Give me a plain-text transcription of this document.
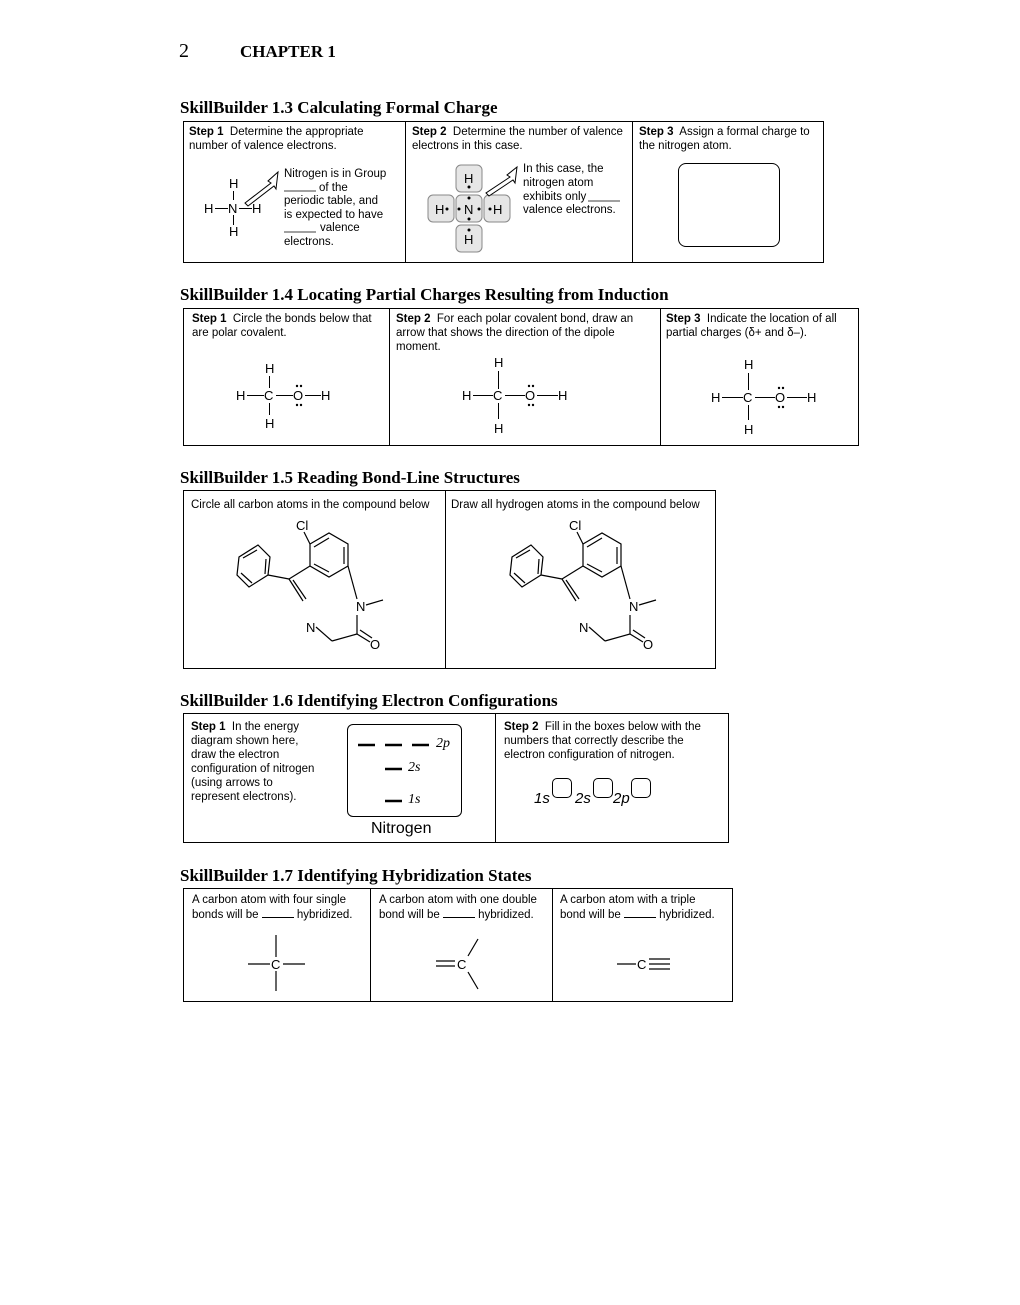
2	CHAPTER 1
SkillBuilder 1.3 Calculating Formal Charge
Step 1 Determine the appropriate number of valence electrons.
H
H N H
H
Nitrogen is in Group
of the
periodic table, and
is expected to have
valence
electrons.
Step 2 Determine the number of valence electrons in this case.
H
H N H
H
In this case, the
nitrogen atom
exhibits only
valence electrons.
Step 3 Assign a formal charge to the nitrogen atom.
SkillBuilder 1.4 Locating Partial Charges Resulting from Induction
Step 1 Circle the bonds below that are polar covalent.
H
H C O H
H
Step 2 For each polar covalent bond, draw an arrow that shows the direction of the dipole moment.
H
H C O H
H
Step 3 Indicate the location of all partial charges (δ+ and δ–).
H
H C O H
H
SkillBuilder 1.5 Reading Bond-Line Structures
Circle all carbon atoms in the compound below
Cl
N
N
O
Draw all hydrogen atoms in the compound below
Cl
N
N
O
SkillBuilder 1.6 Identifying Electron Configurations
Step 1 In the energy diagram shown here, draw the electron configuration of nitrogen (using arrows to represent electrons).
2p
2s
1s
Nitrogen
Step 2 Fill in the boxes below with the numbers that correctly describe the electron configuration of nitrogen.
1s 2s 2p
SkillBuilder 1.7 Identifying Hybridization States
A carbon atom with four single
bonds will be	hybridized.
C
A carbon atom with one double
bond will be	hybridized.
C
A carbon atom with a triple
bond will be	hybridized.
C
